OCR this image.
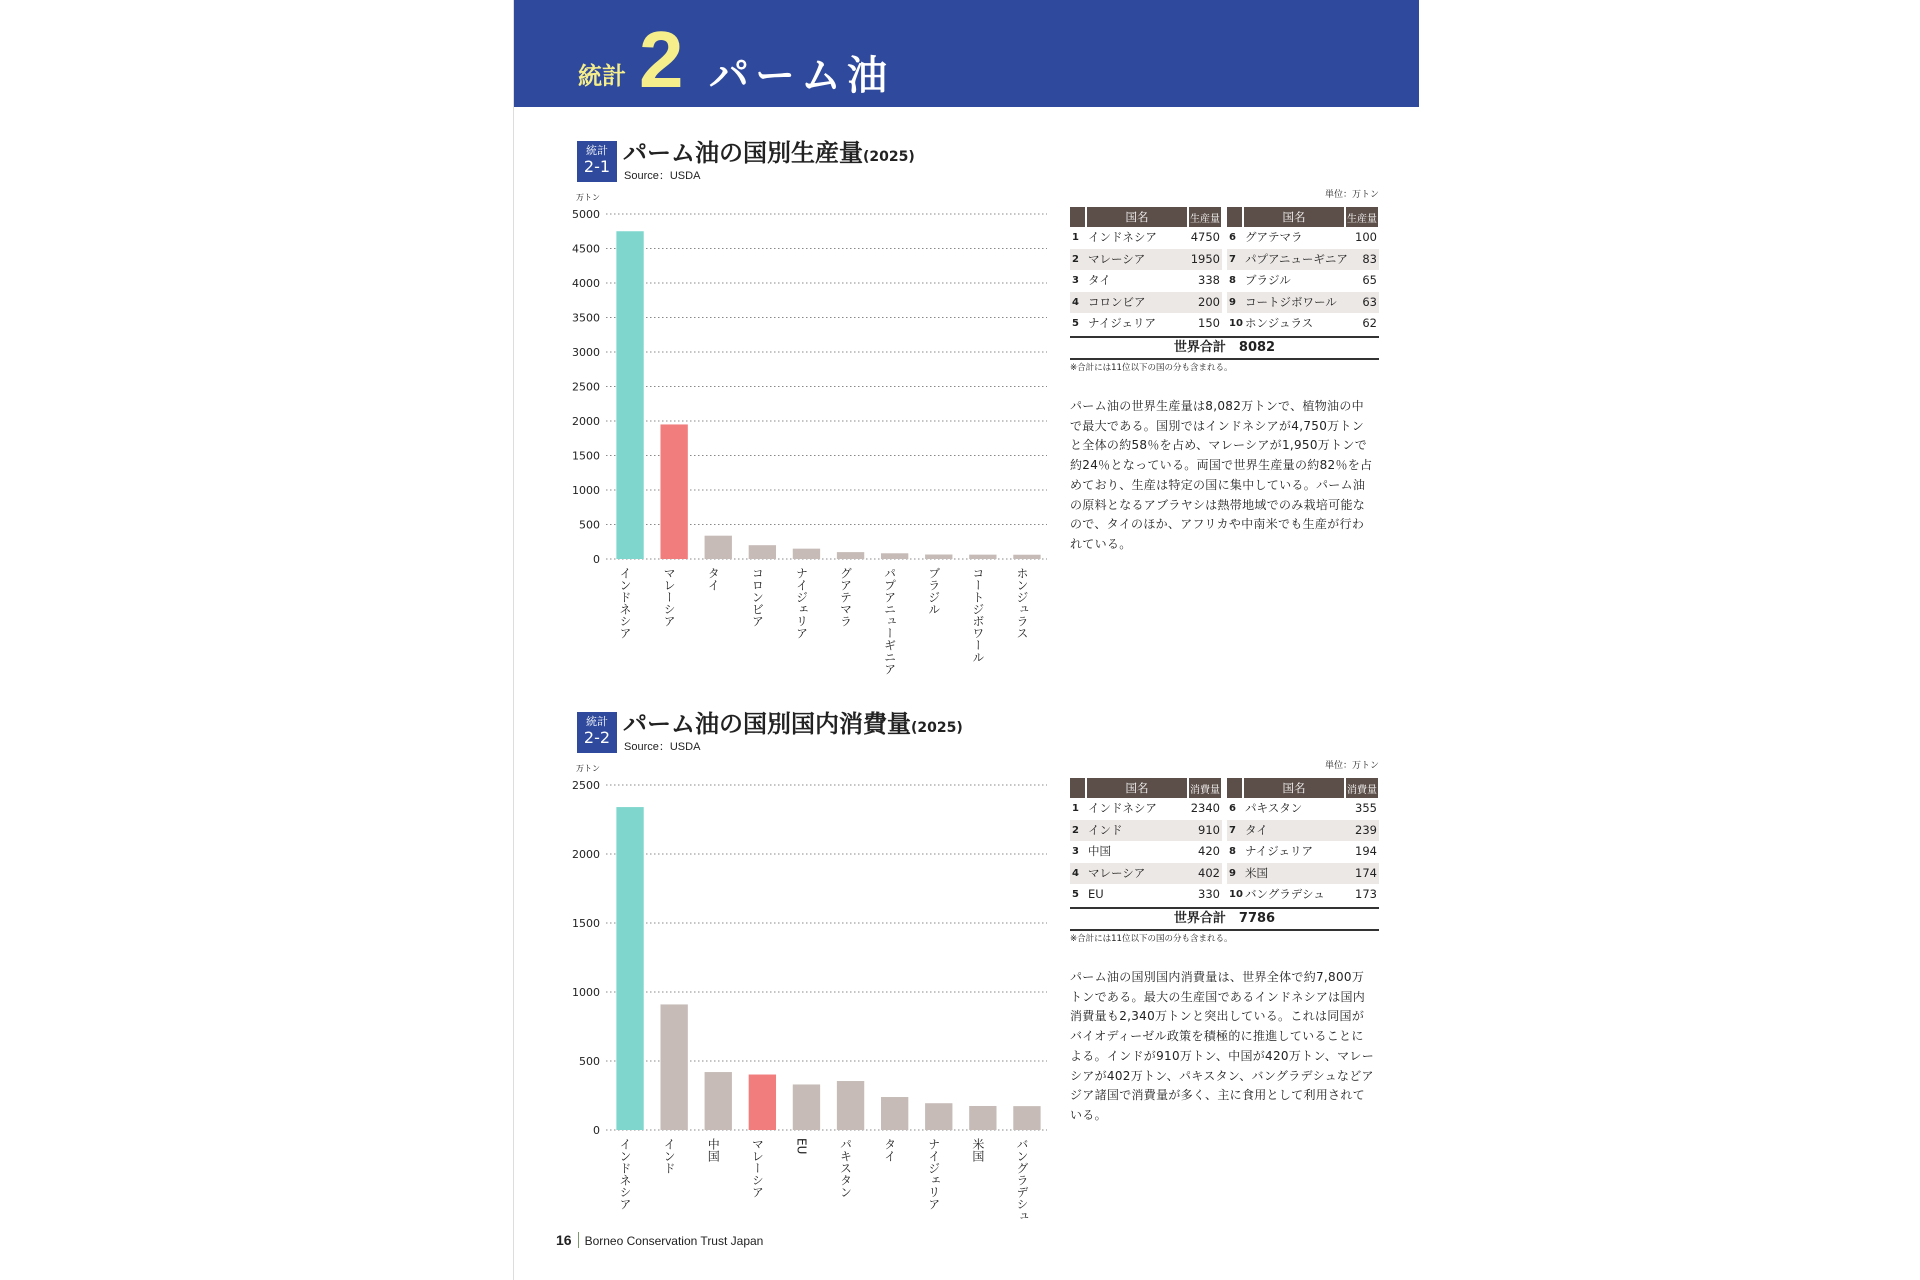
統計 2 パーム油
統計
2-1 パーム油の国別生産量(2025)
Source：USDA
単位：万トン
	国名	生産量
1	インドネシア	4750
2	マレーシア	1950
3	タイ	338
4	コロンビア	200
5	ナイジェリア	150
	国名	生産量
6	グアテマラ	100
7	パプアニューギニア	83
8	ブラジル	65
9	コートジボワール	63
10	ホンジュラス	62
世界合計　8082
※合計には11位以下の国の分も含まれる。
パーム油の世界生産量は8,082万トンで、植物油の中で最大である。国別ではインドネシアが4,750万トンと全体の約58％を占め、マレーシアが1,950万トンで約24％となっている。両国で世界生産量の約82％を占めており、生産は特定の国に集中している。パーム油の原料となるアブラヤシは熱帯地域でのみ栽培可能なので、タイのほか、アフリカや中南米でも生産が行われている。
万トン
0
500
1000
1500
2000
2500
3000
3500
4000
4500
5000
インドネシア	マレーシア	タイ	コロンビア	ナイジェリア	グアテマラ	パプアニューギニア	ブラジル	コートジボワール	ホンジュラス
統計
2-2 パーム油の国別国内消費量(2025)
Source：USDA
単位：万トン
	国名	消費量
1	インドネシア	2340
2	インド	910
3	中国	420
4	マレーシア	402
5	EU	330
	国名	消費量
6	パキスタン	355
7	タイ	239
8	ナイジェリア	194
9	米国	174
10	バングラデシュ	173
世界合計　7786
※合計には11位以下の国の分も含まれる。
パーム油の国別国内消費量は、世界全体で約7,800万トンである。最大の生産国であるインドネシアは国内消費量も2,340万トンと突出している。これは同国がバイオディーゼル政策を積極的に推進していることによる。インドが910万トン、中国が420万トン、マレーシアが402万トン、パキスタン、バングラデシュなどアジア諸国で消費量が多く、主に食用として利用されている。
万トン
0
500
1000
1500
2000
2500
インドネシア	インド	中国	マレーシア	EU	パキスタン	タイ	ナイジェリア	米国	バングラデシュ
16 Borneo Conservation Trust Japan
